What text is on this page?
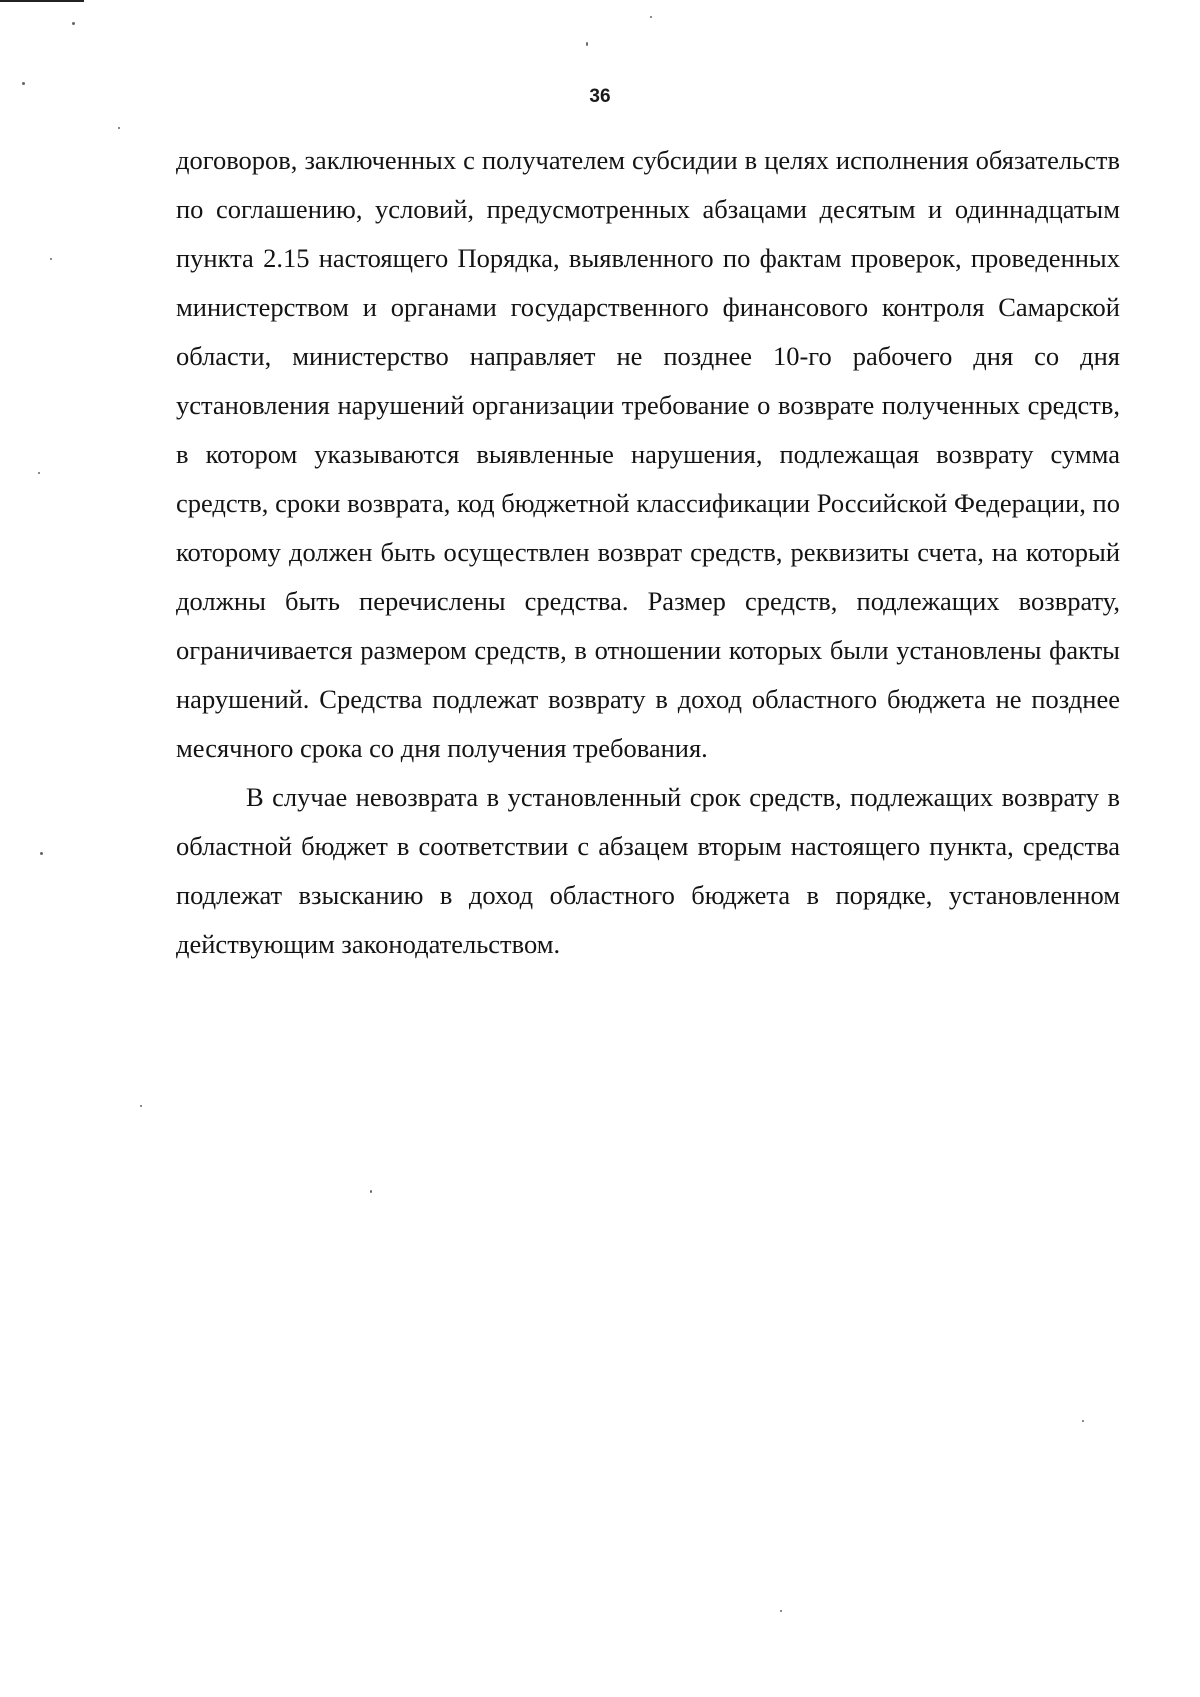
36

договоров, заключенных с получателем субсидии в целях исполнения обязательств по соглашению, условий, предусмотренных абзацами десятым и одиннадцатым пункта 2.15 настоящего Порядка, выявленного по фактам проверок, проведенных министерством и органами государственного финансового контроля Самарской области, министерство направляет не позднее 10-го рабочего дня со дня установления нарушений организации требование о возврате полученных средств, в котором указываются выявленные нарушения, подлежащая возврату сумма средств, сроки возврата, код бюджетной классификации Российской Федерации, по которому должен быть осуществлен возврат средств, реквизиты счета, на который должны быть перечислены средства. Размер средств, подлежащих возврату, ограничивается размером средств, в отношении которых были установлены факты нарушений. Средства подлежат возврату в доход областного бюджета не позднее месячного срока со дня получения требования.

В случае невозврата в установленный срок средств, подлежащих возврату в областной бюджет в соответствии с абзацем вторым настоящего пункта, средства подлежат взысканию в доход областного бюджета в порядке, установленном действующим законодательством.
